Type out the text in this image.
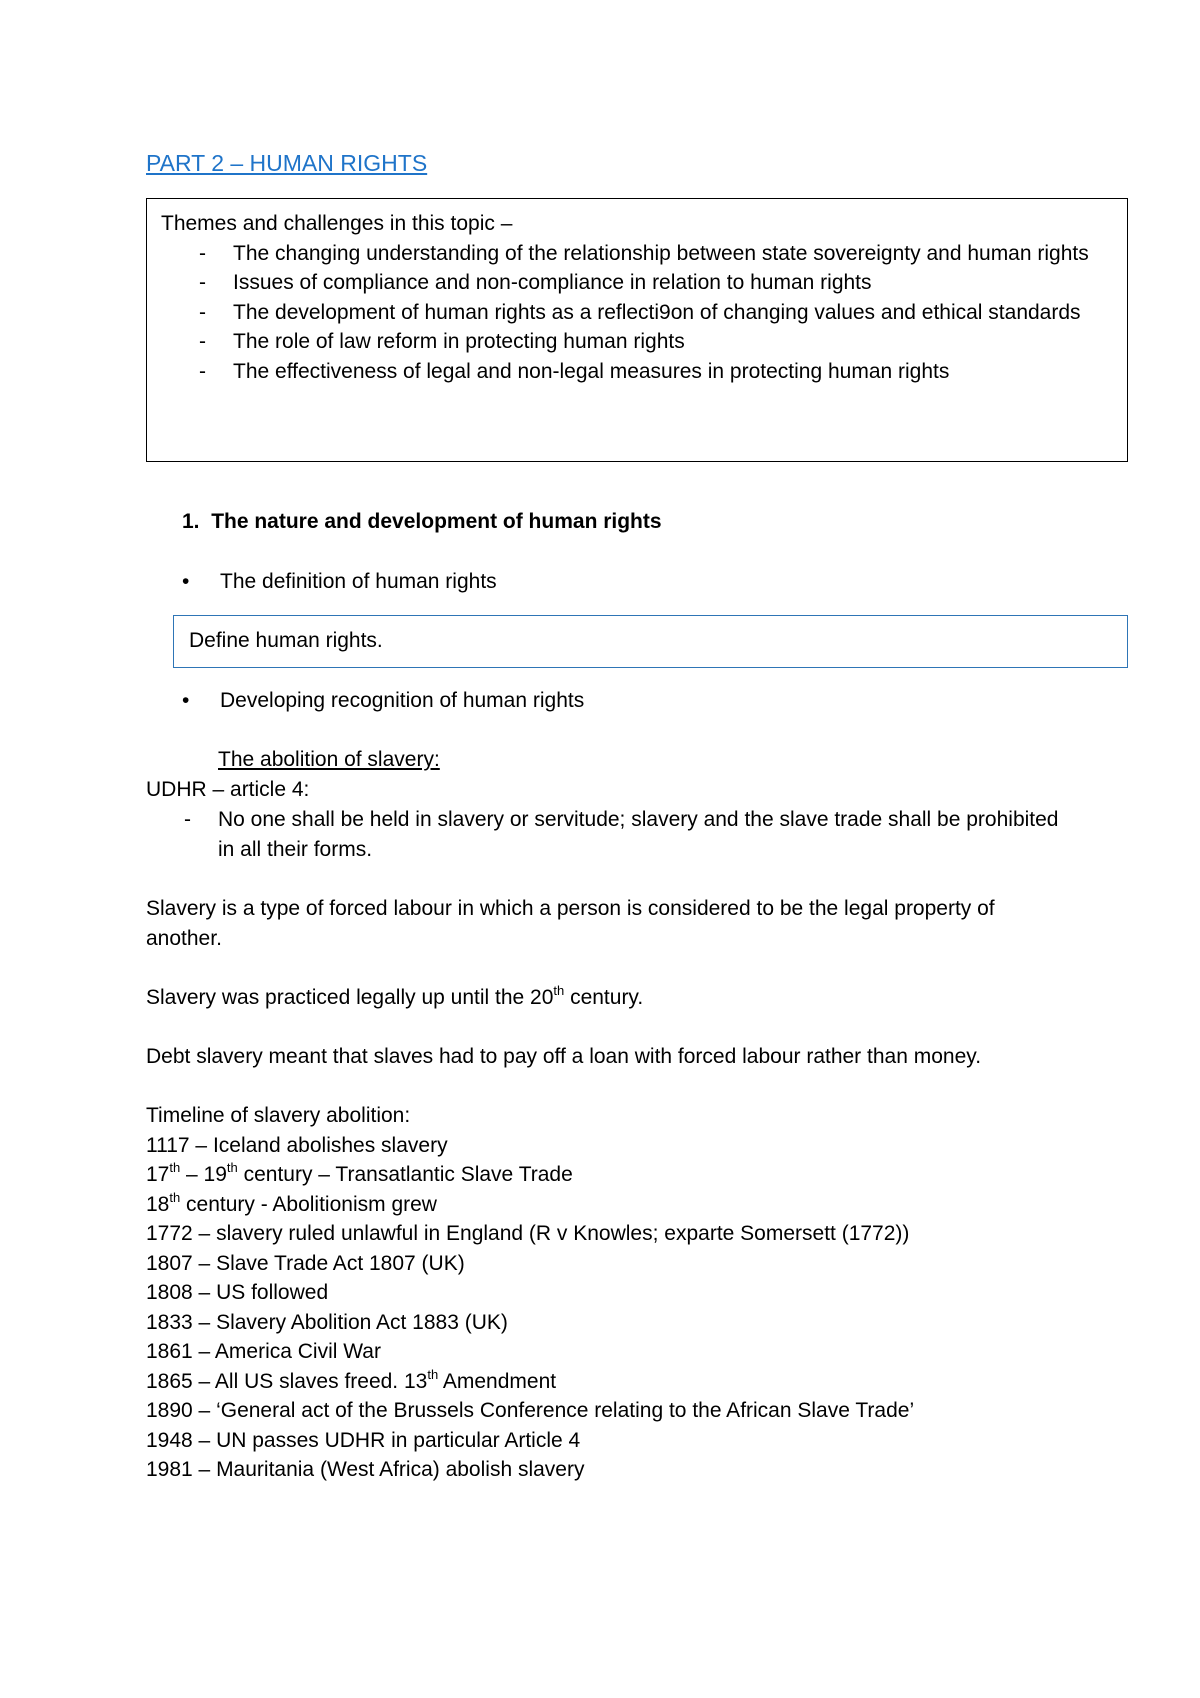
PART 2 – HUMAN RIGHTS
Themes and challenges in this topic –
- The changing understanding of the relationship between state sovereignty and human rights
- Issues of compliance and non-compliance in relation to human rights
- The development of human rights as a reflecti9on of changing values and ethical standards
- The role of law reform in protecting human rights
- The effectiveness of legal and non-legal measures in protecting human rights
1. The nature and development of human rights
• The definition of human rights
Define human rights.
• Developing recognition of human rights
The abolition of slavery:
UDHR – article 4:
- No one shall be held in slavery or servitude; slavery and the slave trade shall be prohibited in all their forms.
Slavery is a type of forced labour in which a person is considered to be the legal property of another.
Slavery was practiced legally up until the 20th century.
Debt slavery meant that slaves had to pay off a loan with forced labour rather than money.
Timeline of slavery abolition:
1117 – Iceland abolishes slavery
17th – 19th century – Transatlantic Slave Trade
18th century - Abolitionism grew
1772 – slavery ruled unlawful in England (R v Knowles; exparte Somersett (1772))
1807 – Slave Trade Act 1807 (UK)
1808 – US followed
1833 – Slavery Abolition Act 1883 (UK)
1861 – America Civil War
1865 – All US slaves freed. 13th Amendment
1890 – ‘General act of the Brussels Conference relating to the African Slave Trade’
1948 – UN passes UDHR in particular Article 4
1981 – Mauritania (West Africa) abolish slavery
